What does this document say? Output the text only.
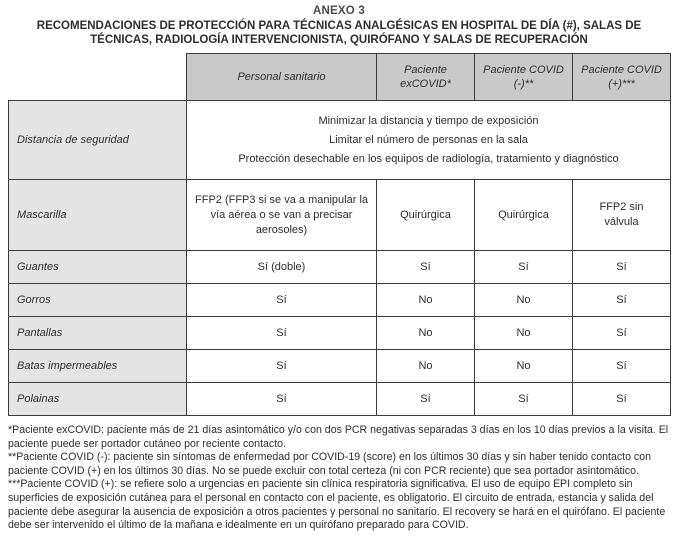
ANEXO 3
RECOMENDACIONES DE PROTECCIÓN PARA TÉCNICAS ANALGÉSICAS EN HOSPITAL DE DÍA (#), SALAS DE TÉCNICAS, RADIOLOGÍA INTERVENCIONISTA, QUIRÓFANO Y SALAS DE RECUPERACIÓN
	Personal sanitario	Paciente exCOVID*	Paciente COVID (-)**	Paciente COVID (+)***
Distancia de seguridad	Minimizar la distancia y tiempo de exposición
Limitar el número de personas en la sala
Protección desechable en los equipos de radiología, tratamiento y diagnóstico			

Mascarilla	FFP2 (FFP3 si se va a manipular la vía aérea o se van a precisar aerosoles)	Quirúrgica	Quirúrgica	FFP2 sin válvula
Guantes	Sí (doble)	Sí	Sí	Sí
Gorros	Sí	No	No	Sí
Pantallas	Sí	No	No	Sí
Batas impermeables	Sí	No	No	Sí
Polainas	Sí	Sí	Sí	Sí

*Paciente exCOVID: paciente más de 21 días asintomático y/o con dos PCR negativas separadas 3 días en los 10 días previos a la visita. El paciente puede ser portador cutáneo por reciente contacto.

**Paciente COVID (-): paciente sin síntomas de enfermedad por COVID-19 (score) en los últimos 30 días y sin haber tenido contacto con paciente COVID (+) en los últimos 30 días. No se puede excluir con total certeza (ni con PCR reciente) que sea portador asintomático.

***Paciente COVID (+): se refiere solo a urgencias en paciente sin clínica respiratoria significativa. El uso de equipo EPI completo sin superficies de exposición cutánea para el personal en contacto con el paciente, es obligatorio. El circuito de entrada, estancia y salida del paciente debe asegurar la ausencia de exposición a otros pacientes y personal no sanitario. El recovery se hará en el quirófano. El paciente debe ser intervenido el último de la mañana e idealmente en un quirófano preparado para COVID.
